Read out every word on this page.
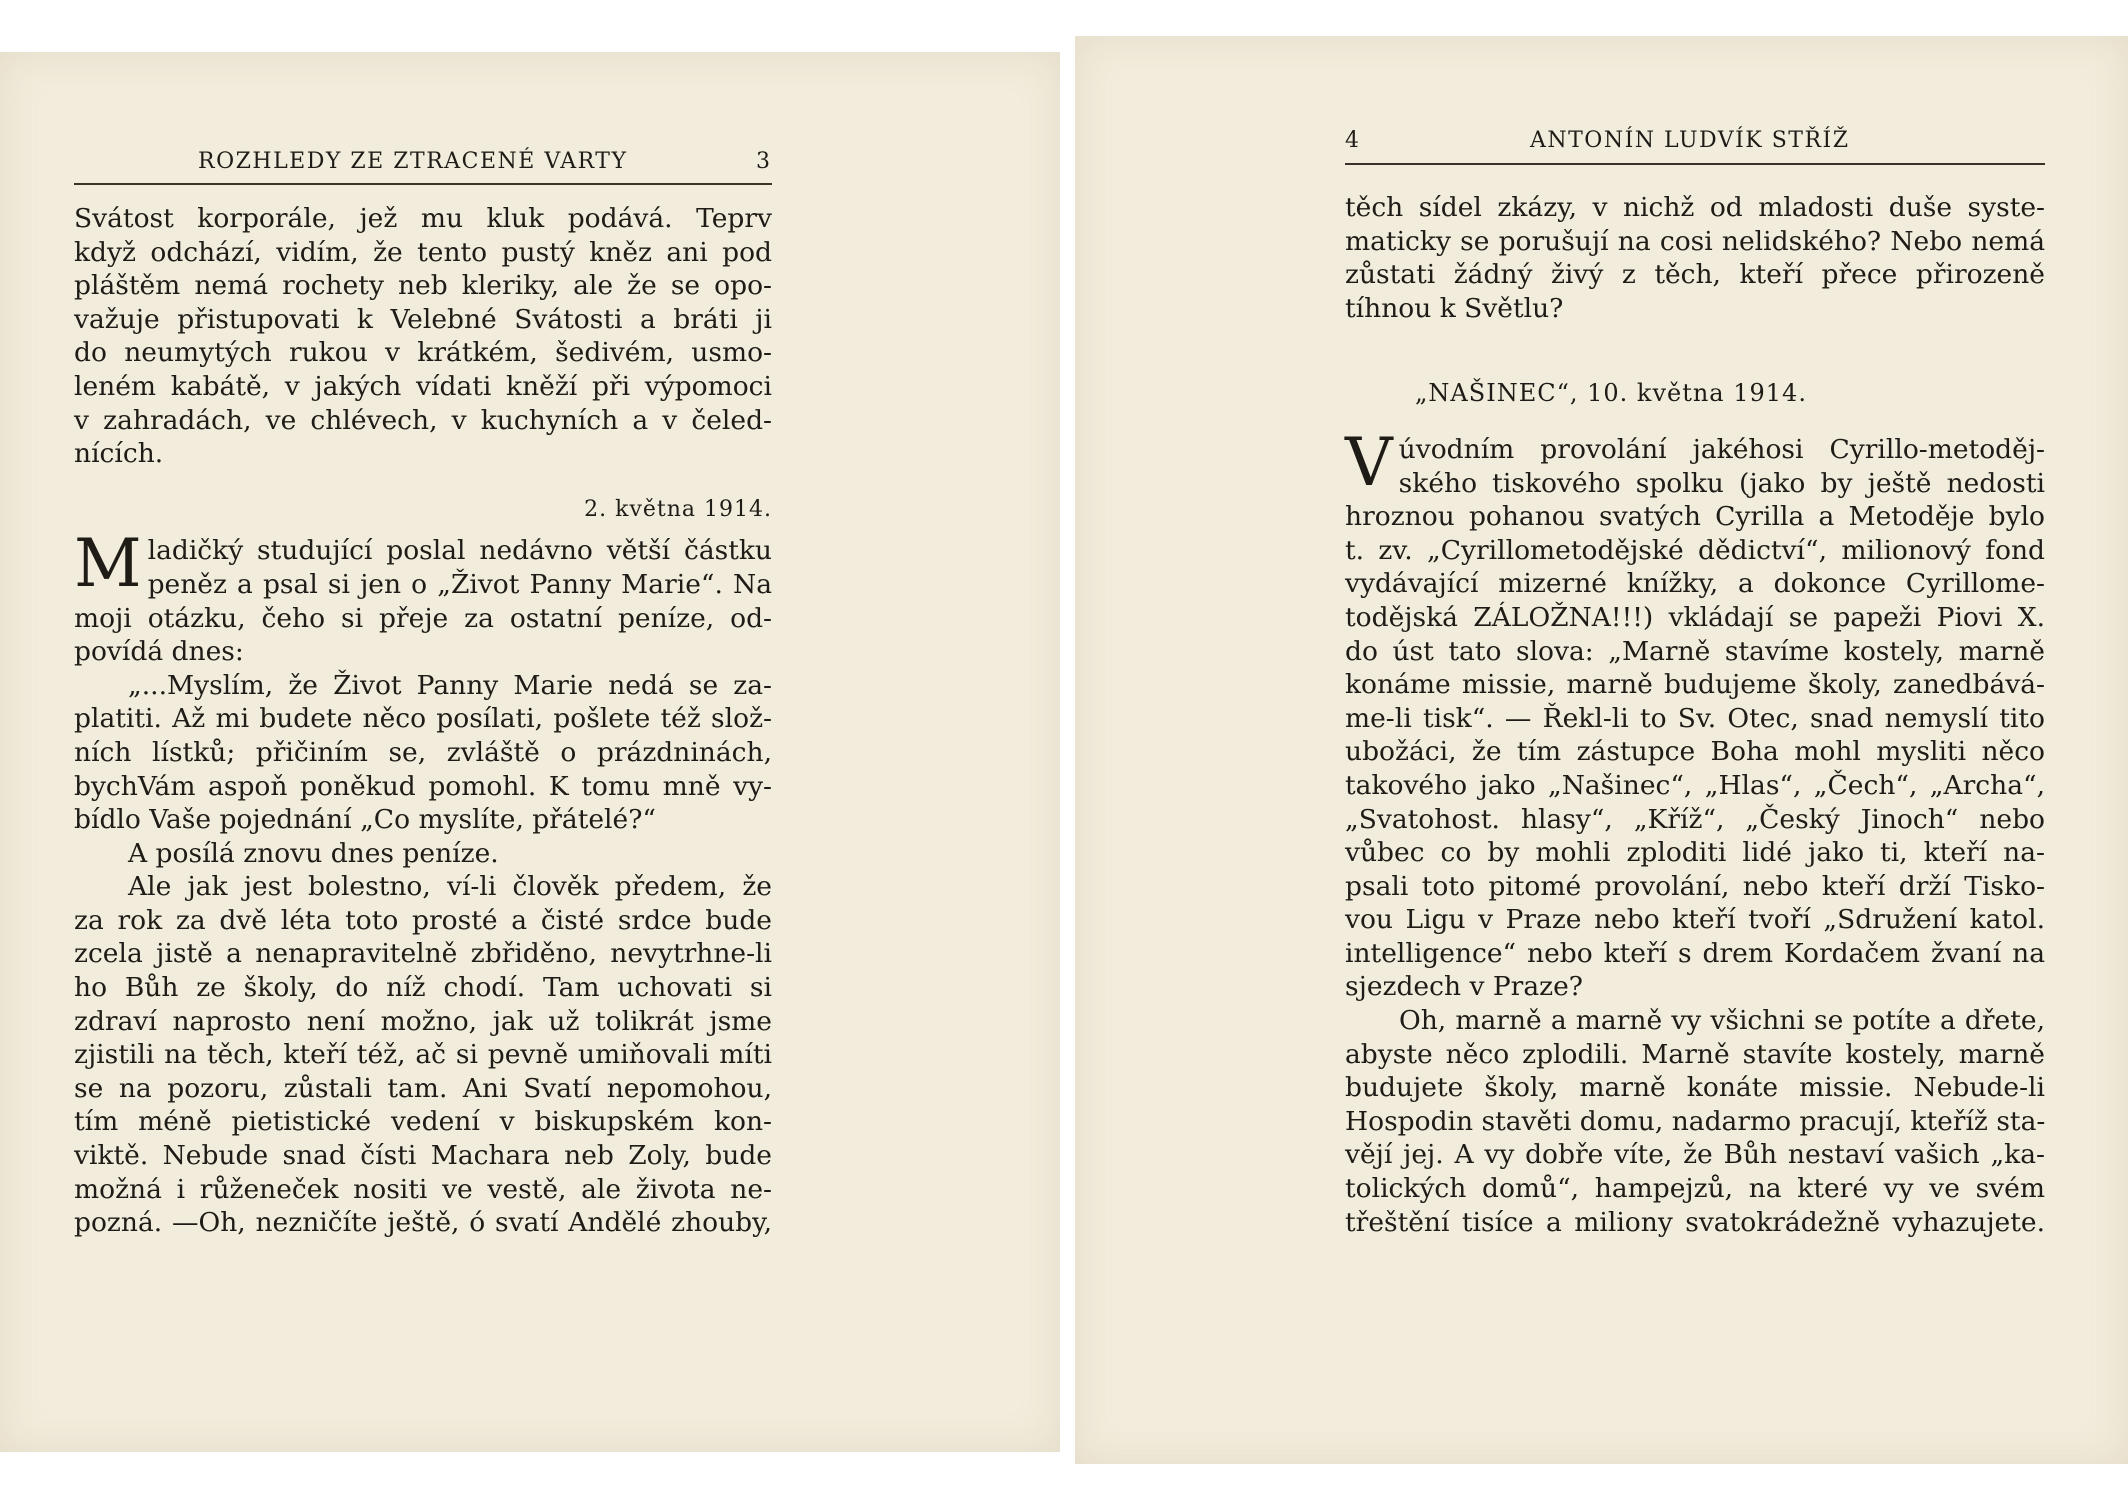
ROZHLEDY ZE ZTRACENÉ VARTY	3
Svátost korporále, jež mu kluk podává. Teprv
když odchází, vidím, že tento pustý kněz ani pod
pláštěm nemá rochety neb kleriky, ale že se opo-
važuje přistupovati k Velebné Svátosti a bráti ji
do neumytých rukou v krátkém, šedivém, usmo-
leném kabátě, v jakých vídati kněží při výpomoci
v zahradách, ve chlévech, v kuchyních a v čeled-
nících.
2. května 1914.
M ladičký studující poslal nedávno větší částku
peněz a psal si jen o „Život Panny Marie“. Na
moji otázku, čeho si přeje za ostatní peníze, od-
povídá dnes:
„...Myslím, že Život Panny Marie nedá se za-
platiti. Až mi budete něco posílati, pošlete též slož-
ních lístků; přičiním se, zvláště o prázdninách,
bychVám aspoň poněkud pomohl. K tomu mně vy-
bídlo Vaše pojednání „Co myslíte, přátelé?“
A posílá znovu dnes peníze.
Ale jak jest bolestno, ví-li člověk předem, že
za rok za dvě léta toto prosté a čisté srdce bude
zcela jistě a nenapravitelně zbřiděno, nevytrhne-li
ho Bůh ze školy, do níž chodí. Tam uchovati si
zdraví naprosto není možno, jak už tolikrát jsme
zjistili na těch, kteří též, ač si pevně umiňovali míti
se na pozoru, zůstali tam. Ani Svatí nepomohou,
tím méně pietistické vedení v biskupském kon-
viktě. Nebude snad čísti Machara neb Zoly, bude
možná i růženeček nositi ve vestě, ale života ne-
pozná. —Oh, nezničíte ještě, ó svatí Andělé zhouby,
4	ANTONÍN LUDVÍK STŘÍŽ
těch sídel zkázy, v nichž od mladosti duše syste-
maticky se porušují na cosi nelidského? Nebo nemá
zůstati žádný živý z těch, kteří přece přirozeně
tíhnou k Světlu?
„NAŠINEC“, 10. května 1914.
V úvodním provolání jakéhosi Cyrillo-metoděj-
ského tiskového spolku (jako by ještě nedosti
hroznou pohanou svatých Cyrilla a Metoděje bylo
t. zv. „Cyrillometodějské dědictví“, milionový fond
vydávající mizerné knížky, a dokonce Cyrillome-
todějská ZÁLOŽNA!!!) vkládají se papeži Piovi X.
do úst tato slova: „Marně stavíme kostely, marně
konáme missie, marně budujeme školy, zanedbává-
me-li tisk“. — Řekl-li to Sv. Otec, snad nemyslí tito
ubožáci, že tím zástupce Boha mohl mysliti něco
takového jako „Našinec“, „Hlas“, „Čech“, „Archa“,
„Svatohost. hlasy“, „Kříž“, „Český Jinoch“ nebo
vůbec co by mohli zploditi lidé jako ti, kteří na-
psali toto pitomé provolání, nebo kteří drží Tisko-
vou Ligu v Praze nebo kteří tvoří „Sdružení katol.
intelligence“ nebo kteří s drem Kordačem žvaní na
sjezdech v Praze?
Oh, marně a marně vy všichni se potíte a dřete,
abyste něco zplodili. Marně stavíte kostely, marně
budujete školy, marně konáte missie. Nebude-li
Hospodin stavěti domu, nadarmo pracují, kteříž sta-
vějí jej. A vy dobře víte, že Bůh nestaví vašich „ka-
tolických domů“, hampejzů, na které vy ve svém
třeštění tisíce a miliony svatokrádežně vyhazujete.
